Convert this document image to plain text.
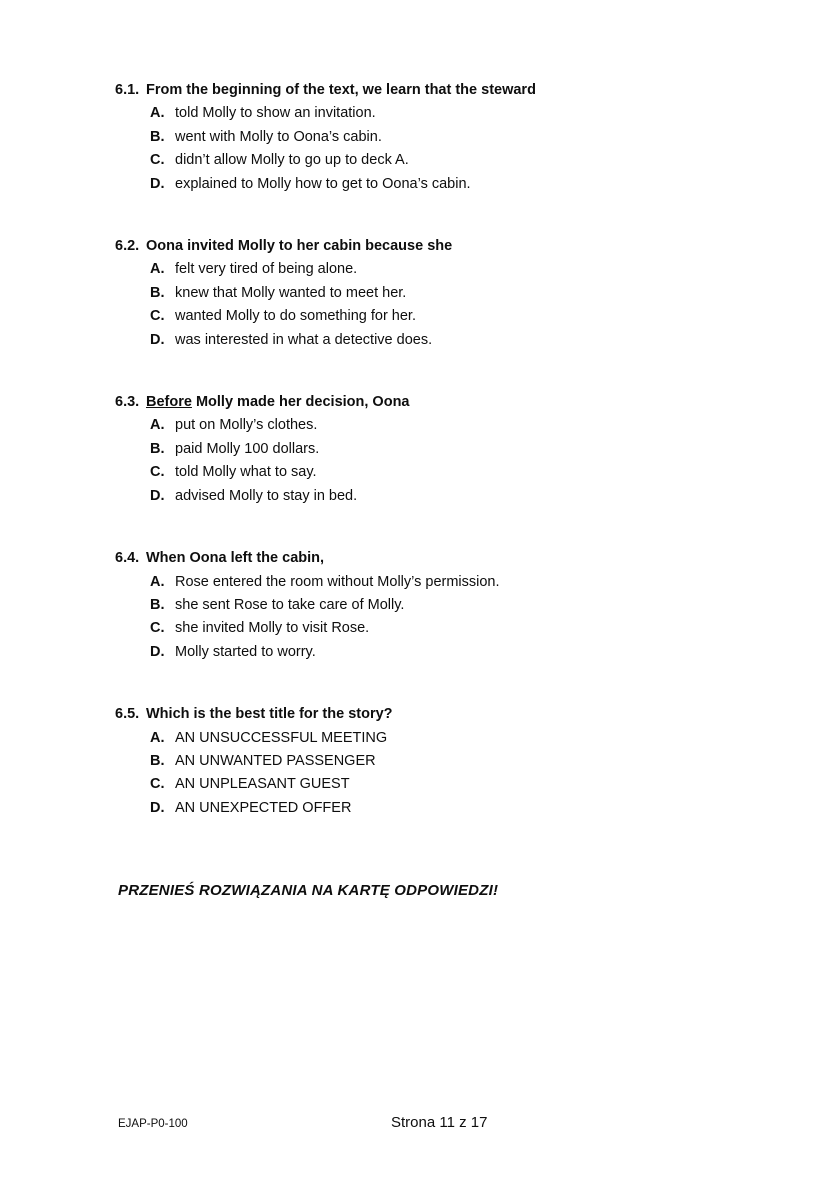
6.1. From the beginning of the text, we learn that the steward
A. told Molly to show an invitation.
B. went with Molly to Oona’s cabin.
C. didn’t allow Molly to go up to deck A.
D. explained to Molly how to get to Oona’s cabin.
6.2. Oona invited Molly to her cabin because she
A. felt very tired of being alone.
B. knew that Molly wanted to meet her.
C. wanted Molly to do something for her.
D. was interested in what a detective does.
6.3. Before Molly made her decision, Oona
A. put on Molly’s clothes.
B. paid Molly 100 dollars.
C. told Molly what to say.
D. advised Molly to stay in bed.
6.4. When Oona left the cabin,
A. Rose entered the room without Molly’s permission.
B. she sent Rose to take care of Molly.
C. she invited Molly to visit Rose.
D. Molly started to worry.
6.5. Which is the best title for the story?
A. AN UNSUCCESSFUL MEETING
B. AN UNWANTED PASSENGER
C. AN UNPLEASANT GUEST
D. AN UNEXPECTED OFFER

PRZENIEŚ ROZWIĄZANIA NA KARTĘ ODPOWIEDZI!

EJAP-P0-100	Strona 11 z 17
